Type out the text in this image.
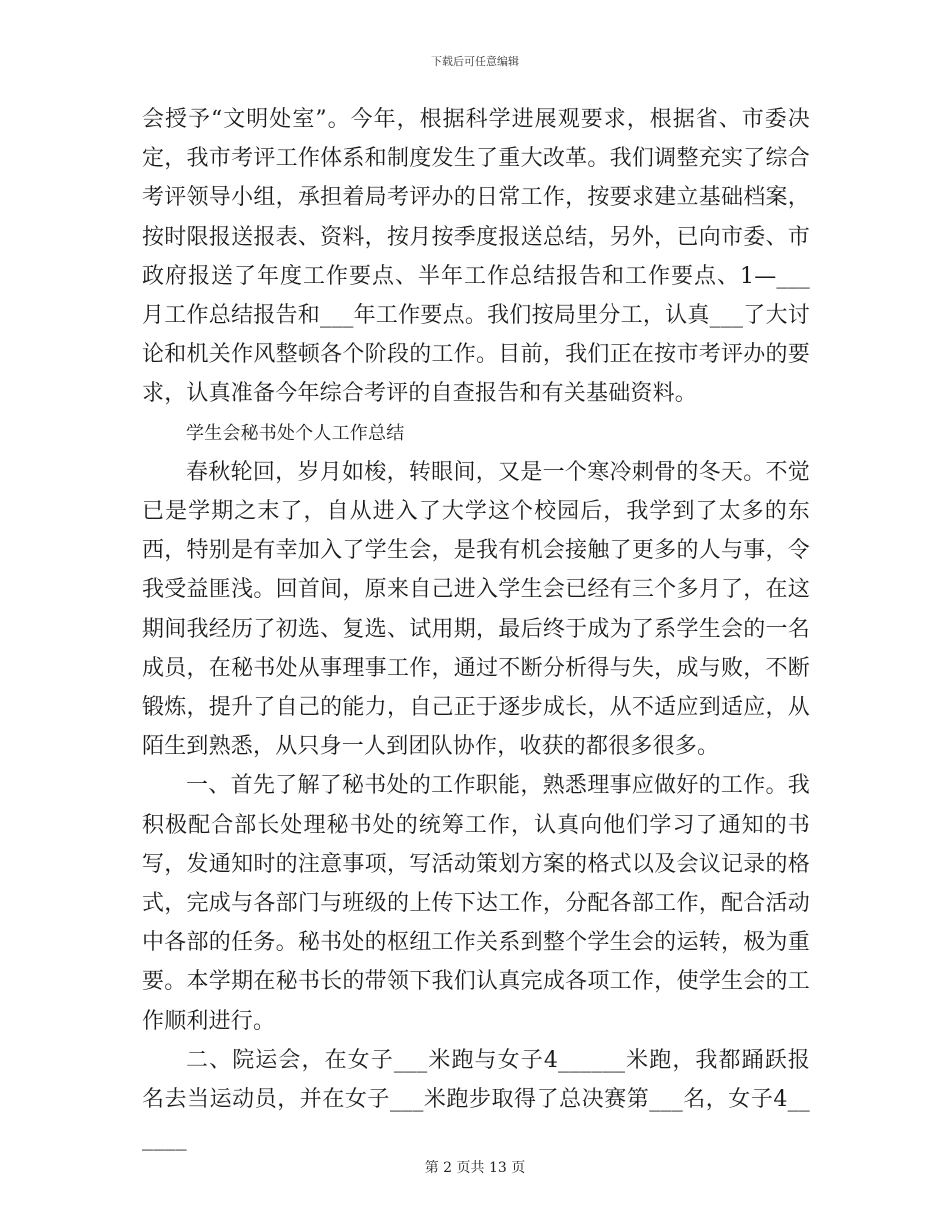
下载后可任意编辑

会授予“文明处室”。今年，根据科学进展观要求，根据省、市委决定，我市考评工作体系和制度发生了重大改革。我们调整充实了综合考评领导小组，承担着局考评办的日常工作，按要求建立基础档案，按时限报送报表、资料，按月按季度报送总结，另外，已向市委、市政府报送了年度工作要点、半年工作总结报告和工作要点、1—___月工作总结报告和___年工作要点。我们按局里分工，认真___了大讨论和机关作风整顿各个阶段的工作。目前，我们正在按市考评办的要求，认真准备今年综合考评的自查报告和有关基础资料。

学生会秘书处个人工作总结

春秋轮回，岁月如梭，转眼间，又是一个寒冷刺骨的冬天。不觉已是学期之末了，自从进入了大学这个校园后，我学到了太多的东西，特别是有幸加入了学生会，是我有机会接触了更多的人与事，令我受益匪浅。回首间，原来自己进入学生会已经有三个多月了，在这期间我经历了初选、复选、试用期，最后终于成为了系学生会的一名成员，在秘书处从事理事工作，通过不断分析得与失，成与败，不断锻炼，提升了自己的能力，自己正于逐步成长，从不适应到适应，从陌生到熟悉，从只身一人到团队协作，收获的都很多很多。

一、首先了解了秘书处的工作职能，熟悉理事应做好的工作。我积极配合部长处理秘书处的统筹工作，认真向他们学习了通知的书写，发通知时的注意事项，写活动策划方案的格式以及会议记录的格式，完成与各部门与班级的上传下达工作，分配各部工作，配合活动中各部的任务。秘书处的枢纽工作关系到整个学生会的运转，极为重要。本学期在秘书长的带领下我们认真完成各项工作，使学生会的工作顺利进行。

二、院运会，在女子___米跑与女子4______米跑，我都踊跃报名去当运动员，并在女子___米跑步取得了总决赛第___名，女子4______

第 2 页共 13 页
